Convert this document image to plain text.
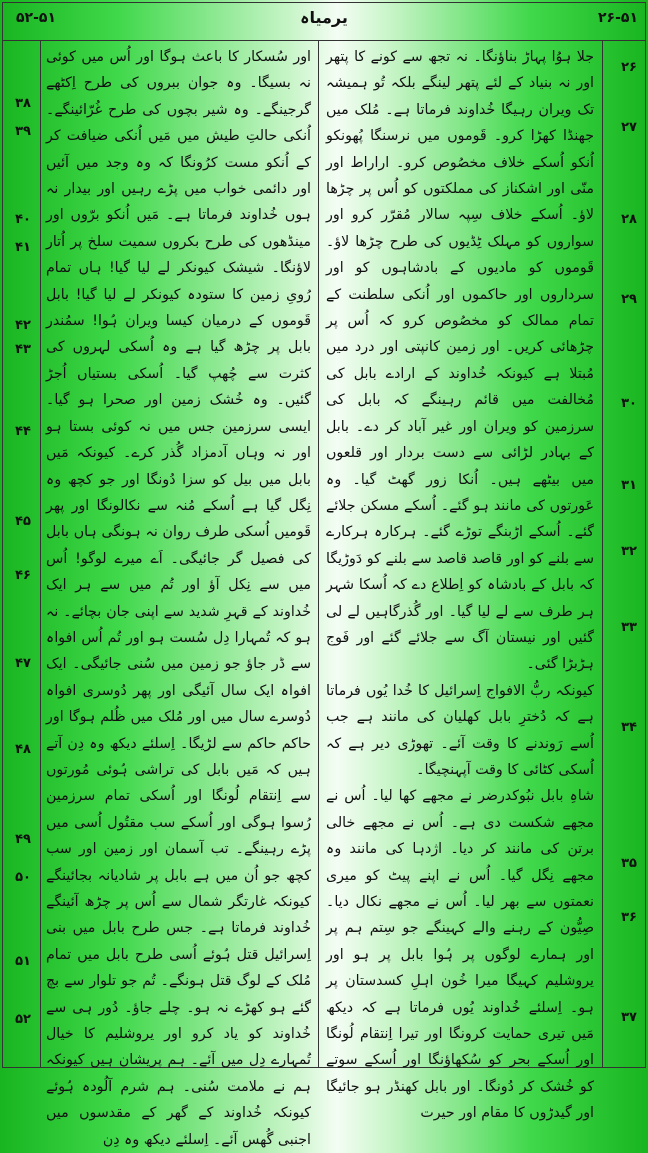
۵۲-۵۱	یرمیاہ	۲۶-۵۱

جلا ہوُا پہاڑ بناؤنگا۔ نہ تجھ سے کونے کا پتھر اور نہ بنیاد کے لئے پتھر لینگے بلکہ تُو ہمیشہ تک ویران رہیگا خُداوند فرماتا ہے۔ مُلک میں جھنڈا کھڑا کرو۔ قَوموں میں نرسنگا پُھونکو اُنکو اُسکے خلاف مخصُوص کرو۔ اراراط اور منّی اور اشکناز کی مملکتوں کو اُس پر چڑھا لاؤ۔ اُسکے خلاف سِپہ سالار مُقرّر کرو اور سواروں کو مہلک ٹِڈیوں کی طرح چڑھا لاؤ۔ قَوموں کو مادیوں کے بادشاہوں کو اور سرداروں اور حاکموں اور اُنکی سلطنت کے تمام ممالک کو مخصُوص کرو کہ اُس پر چڑھائی کریں۔ اور زمین کانپتی اور درد میں مُبتلا ہے کیونکہ خُداوند کے ارادے بابل کی مُخالفت میں قائم رہینگے کہ بابل کی سرزمین کو ویران اور غیر آباد کر دے۔ بابل کے بہادر لڑائی سے دست بردار اور قلعوں میں بیٹھے ہیں۔ اُنکا زور گھٹ گیا۔ وہ عَورتوں کی مانند ہو گئے۔ اُسکے مسکن جلائے گئے۔ اُسکے اڑبنگے توڑے گئے۔ ہرکارہ ہرکارے سے بلنے کو اور قاصد قاصد سے بلنے کو دَوڑیگا کہ بابل کے بادشاہ کو اِطلاع دے کہ اُسکا شہر ہر طرف سے لے لیا گیا۔ اور گُذرگاہیں لے لی گئیں اور نیستان آگ سے جلائے گئے اور فَوج ہڑبڑا گئی۔

کیونکہ ربُّ الافواج اِسرائیل کا خُدا یُوں فرماتا ہے کہ دُخترِ بابل کھلیان کی مانند ہے جب اُسے رَوندنے کا وقت آئے۔ تھوڑی دیر ہے کہ اُسکی کٹائی کا وقت آپہنچیگا۔

شاہِ بابل نبُوکدرضر نے مجھے کھا لیا۔ اُس نے مجھے شکست دی ہے۔ اُس نے مجھے خالی برتن کی مانند کر دیا۔ اژدہا کی مانند وہ مجھے نِگل گیا۔ اُس نے اپنے پیٹ کو میری نعمتوں سے بھر لیا۔ اُس نے مجھے نکال دیا۔ صِیُّون کے رہنے والے کہینگے جو سِتم ہم پر اور ہمارے لوگوں پر ہُوا بابل پر ہو اور یروشلیم کہیگا میرا خُون اہلِ کسدستان پر ہو۔ اِسلئے خُداوند یُوں فرماتا ہے کہ دیکھ مَیں تیری حمایت کرونگا اور تیرا اِنتقام لُونگا اور اُسکے بحر کو سُکھاؤنگا اور اُسکے سوتے کو خُشک کر دُونگا۔ اور بابل کھنڈر ہو جائیگا اور گیدڑوں کا مقام اور حیرت

اور سُسکار کا باعث ہوگا اور اُس میں کوئی نہ بسیگا۔ وہ جوان ببروں کی طرح اِکٹھے گرجینگے۔ وہ شیر بچوں کی طرح غُرّائینگے۔ اُنکی حالتِ طیش میں مَیں اُنکی ضیافت کر کے اُنکو مست کرُونگا کہ وہ وجد میں آئیں اور دائمی خواب میں پڑے رہیں اور بیدار نہ ہوں خُداوند فرماتا ہے۔ مَیں اُنکو برّوں اور مینڈھوں کی طرح بکروں سمیت سلخ پر اُتار لاؤنگا۔ شیشک کیونکر لے لیا گیا! ہاں تمام رُویِ زمین کا ستودہ کیونکر لے لیا گیا! بابل قَوموں کے درمیان کیسا ویران ہُوا! سمُندر بابل پر چڑھ گیا ہے وہ اُسکی لہروں کی کثرت سے چُھپ گیا۔ اُسکی بستیاں اُجڑ گئیں۔ وہ خُشک زمین اور صحرا ہو گیا۔ ایسی سرزمین جس میں نہ کوئی بستا ہو اور نہ وہاں آدمزاد گُذر کرے۔ کیونکہ مَیں بابل میں بیل کو سزا دُونگا اور جو کچھ وہ نِگل گیا ہے اُسکے مُنہ سے نکالونگا اور پھر قَومیں اُسکی طرف روان نہ ہونگی ہاں بابل کی فصیل گر جائیگی۔ اَے میرے لوگو! اُس میں سے نِکل آؤ اور تُم میں سے ہر ایک خُداوند کے قہرِ شدید سے اپنی جان بچائے۔ نہ ہو کہ تُمہارا دِل سُست ہو اور تُم اُس افواہ سے ڈر جاؤ جو زمین میں سُنی جائیگی۔ ایک افواہ ایک سال آئیگی اور پھر دُوسری افواہ دُوسرے سال میں اور مُلک میں ظُلم ہوگا اور حاکم حاکم سے لڑیگا۔ اِسلئے دیکھ وہ دِن آتے ہیں کہ مَیں بابل کی تراشی ہُوئی مُورتوں سے اِنتقام لُونگا اور اُسکی تمام سرزمین رُسوا ہوگی اور اُسکے سب مقتُول اُسی میں پڑے رہینگے۔ تب آسمان اور زمین اور سب کچھ جو اُن میں ہے بابل پر شادیانہ بجائینگے کیونکہ غارتگر شمال سے اُس پر چڑھ آئینگے خُداوند فرماتا ہے۔ جس طرح بابل میں بنی اِسرائیل قتل ہُوئے اُسی طرح بابل میں تمام مُلک کے لوگ قتل ہونگے۔ تُم جو تلوار سے بچ گئے ہو کھڑے نہ ہو۔ چلے جاؤ۔ دُور ہی سے خُداوند کو یاد کرو اور یروشلیم کا خیال تُمہارے دِل میں آئے۔ ہم پریشان ہیں کیونکہ ہم نے ملامت سُنی۔ ہم شرم آلُودہ ہُوئے کیونکہ خُداوند کے گھر کے مقدسوں میں اجنبی گُھس آئے۔ اِسلئے دیکھ وہ دِن

۲۶
۲۷
۲۸
۲۹
۳۰
۳۱
۳۲
۳۳
۳۴
۳۵
۳۶
۳۷
۳۸
۳۹
۴۰
۴۱
۴۲
۴۳
۴۴
۴۵
۴۶
۴۷
۴۸
۴۹
۵۰
۵۱
۵۲
